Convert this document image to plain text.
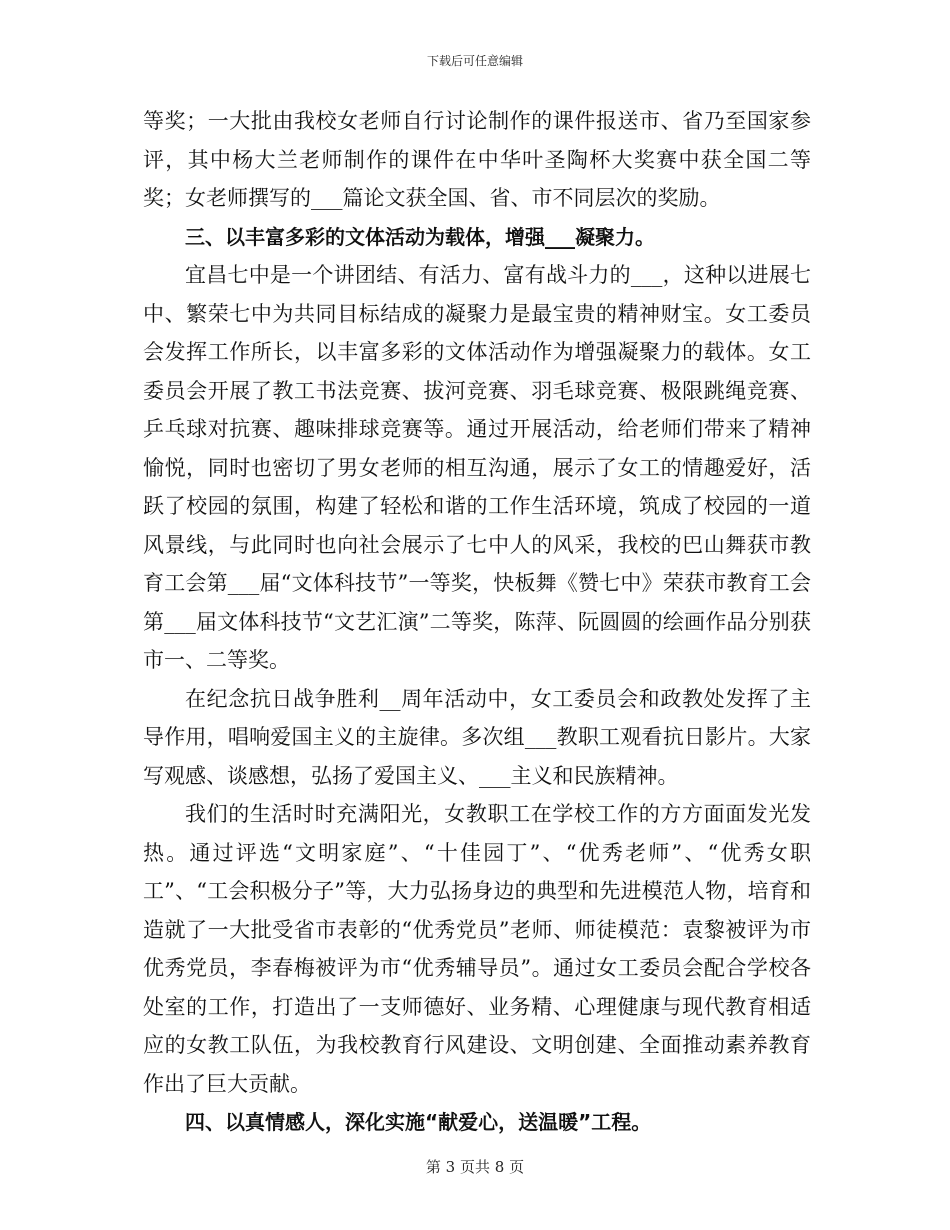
下载后可任意编辑

等奖；一大批由我校女老师自行讨论制作的课件报送市、省乃至国家参评，其中杨大兰老师制作的课件在中华叶圣陶杯大奖赛中获全国二等奖；女老师撰写的___篇论文获全国、省、市不同层次的奖励。

三、以丰富多彩的文体活动为载体，增强___凝聚力。

宜昌七中是一个讲团结、有活力、富有战斗力的___，这种以进展七中、繁荣七中为共同目标结成的凝聚力是最宝贵的精神财宝。女工委员会发挥工作所长，以丰富多彩的文体活动作为增强凝聚力的载体。女工委员会开展了教工书法竞赛、拔河竞赛、羽毛球竞赛、极限跳绳竞赛、乒乓球对抗赛、趣味排球竞赛等。通过开展活动，给老师们带来了精神愉悦，同时也密切了男女老师的相互沟通，展示了女工的情趣爱好，活跃了校园的氛围，构建了轻松和谐的工作生活环境，筑成了校园的一道风景线，与此同时也向社会展示了七中人的风采，我校的巴山舞获市教育工会第___届“文体科技节”一等奖，快板舞《赞七中》荣获市教育工会第___届文体科技节“文艺汇演”二等奖，陈萍、阮圆圆的绘画作品分别获市一、二等奖。

在纪念抗日战争胜利__周年活动中，女工委员会和政教处发挥了主导作用，唱响爱国主义的主旋律。多次组___教职工观看抗日影片。大家写观感、谈感想，弘扬了爱国主义、___主义和民族精神。

我们的生活时时充满阳光，女教职工在学校工作的方方面面发光发热。通过评选“文明家庭”、“十佳园丁”、“优秀老师”、“优秀女职工”、“工会积极分子”等，大力弘扬身边的典型和先进模范人物，培育和造就了一大批受省市表彰的“优秀党员”老师、师徒模范：袁黎被评为市优秀党员，李春梅被评为市“优秀辅导员”。通过女工委员会配合学校各处室的工作，打造出了一支师德好、业务精、心理健康与现代教育相适应的女教工队伍，为我校教育行风建设、文明创建、全面推动素养教育作出了巨大贡献。

四、以真情感人，深化实施“献爱心，送温暖”工程。

第 3 页共 8 页
